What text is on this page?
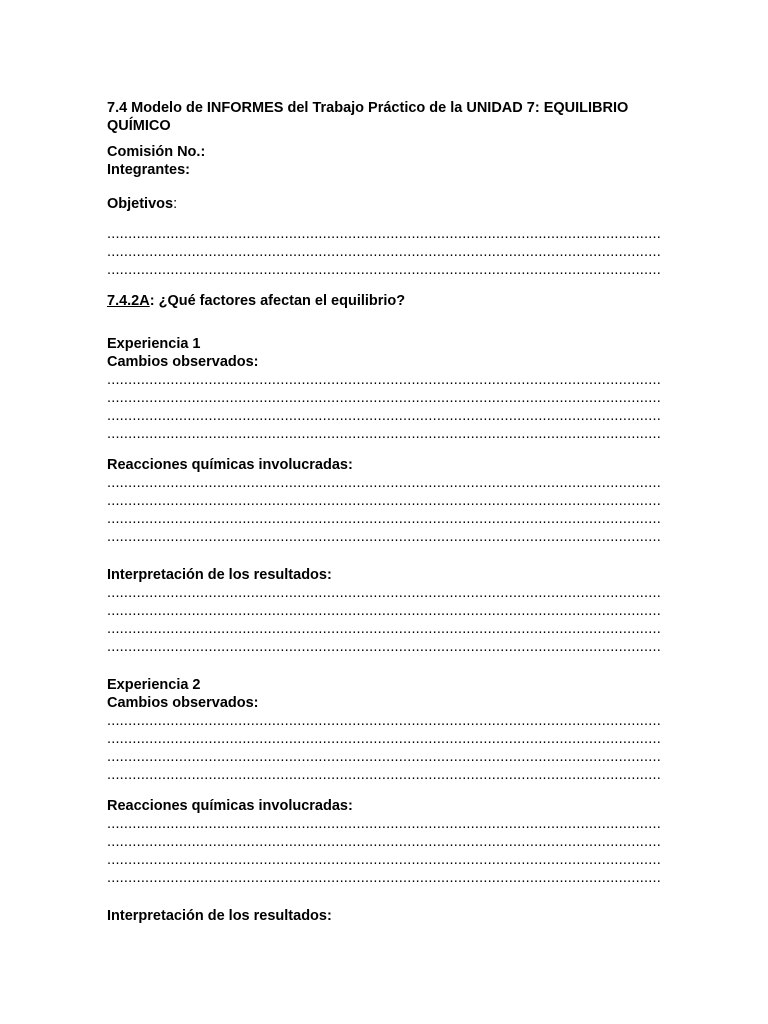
7.4 Modelo de INFORMES del Trabajo Práctico de la UNIDAD 7: EQUILIBRIO QUÍMICO

Comisión No.:

Integrantes:

Objetivos:

.....
.....
.....

7.4.2A: ¿Qué factores afectan el equilibrio?

Experiencia 1

Cambios observados:

.....
.....
.....
.....

Reacciones químicas involucradas:

.....
.....
.....
.....

Interpretación de los resultados:

.....
.....
.....
.....

Experiencia 2

Cambios observados:

.....
.....
.....
.....

Reacciones químicas involucradas:

.....
.....
.....
.....

Interpretación de los resultados:
